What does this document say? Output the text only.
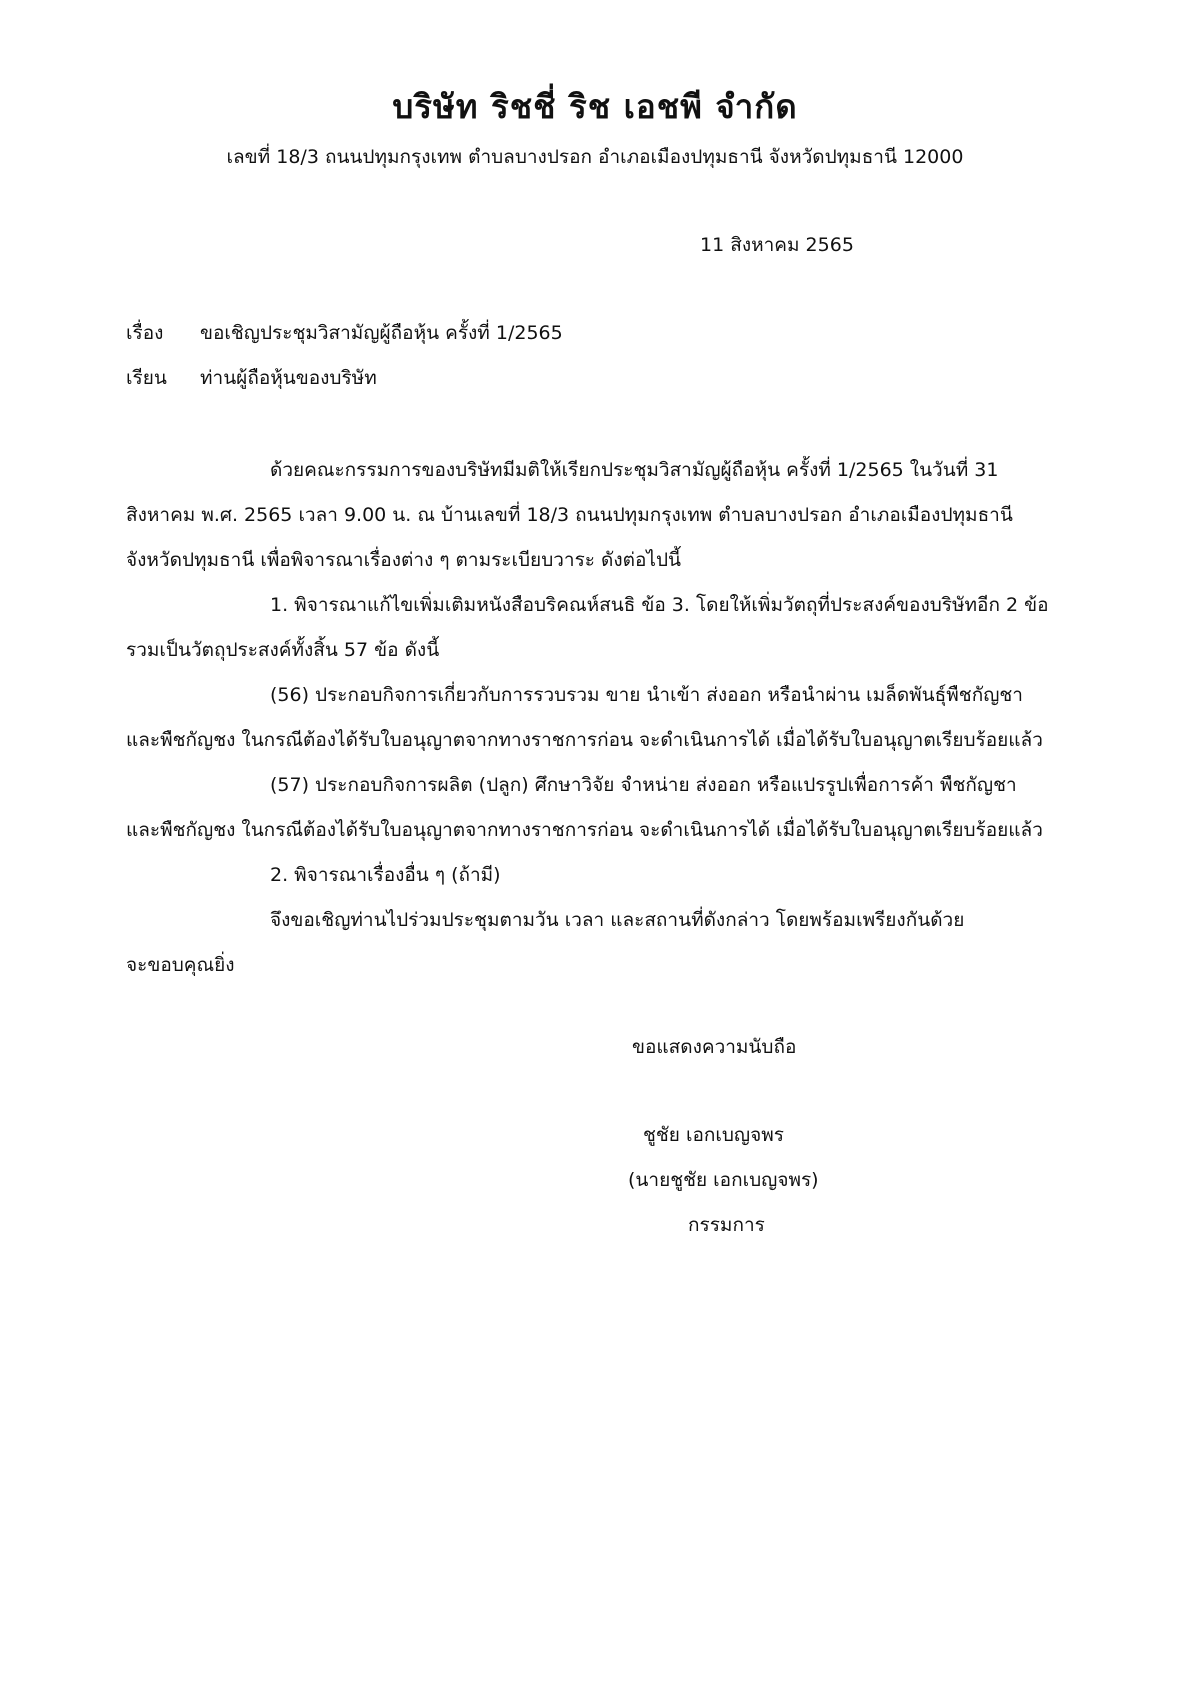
บริษัท ริชชี่ ริช เอชพี จำกัด
เลขที่ 18/3 ถนนปทุมกรุงเทพ ตำบลบางปรอก อำเภอเมืองปทุมธานี จังหวัดปทุมธานี 12000
11 สิงหาคม 2565
เรื่อง ขอเชิญประชุมวิสามัญผู้ถือหุ้น ครั้งที่ 1/2565
เรียน ท่านผู้ถือหุ้นของบริษัท
ด้วยคณะกรรมการของบริษัทมีมติให้เรียกประชุมวิสามัญผู้ถือหุ้น ครั้งที่ 1/2565 ในวันที่ 31
สิงหาคม พ.ศ. 2565 เวลา 9.00 น. ณ บ้านเลขที่ 18/3 ถนนปทุมกรุงเทพ ตำบลบางปรอก อำเภอเมืองปทุมธานี
จังหวัดปทุมธานี เพื่อพิจารณาเรื่องต่าง ๆ ตามระเบียบวาระ ดังต่อไปนี้
1. พิจารณาแก้ไขเพิ่มเติมหนังสือบริคณห์สนธิ ข้อ 3. โดยให้เพิ่มวัตถุที่ประสงค์ของบริษัทอีก 2 ข้อ
รวมเป็นวัตถุประสงค์ทั้งสิ้น 57 ข้อ ดังนี้
(56) ประกอบกิจการเกี่ยวกับการรวบรวม ขาย นำเข้า ส่งออก หรือนำผ่าน เมล็ดพันธุ์พืชกัญชา
และพืชกัญชง ในกรณีต้องได้รับใบอนุญาตจากทางราชการก่อน จะดำเนินการได้ เมื่อได้รับใบอนุญาตเรียบร้อยแล้ว
(57) ประกอบกิจการผลิต (ปลูก) ศึกษาวิจัย จำหน่าย ส่งออก หรือแปรรูปเพื่อการค้า พืชกัญชา
และพืชกัญชง ในกรณีต้องได้รับใบอนุญาตจากทางราชการก่อน จะดำเนินการได้ เมื่อได้รับใบอนุญาตเรียบร้อยแล้ว
2. พิจารณาเรื่องอื่น ๆ (ถ้ามี)
จึงขอเชิญท่านไปร่วมประชุมตามวัน เวลา และสถานที่ดังกล่าว โดยพร้อมเพรียงกันด้วย
จะขอบคุณยิ่ง
ขอแสดงความนับถือ
ชูชัย เอกเบญจพร
(นายชูชัย เอกเบญจพร)
กรรมการ
